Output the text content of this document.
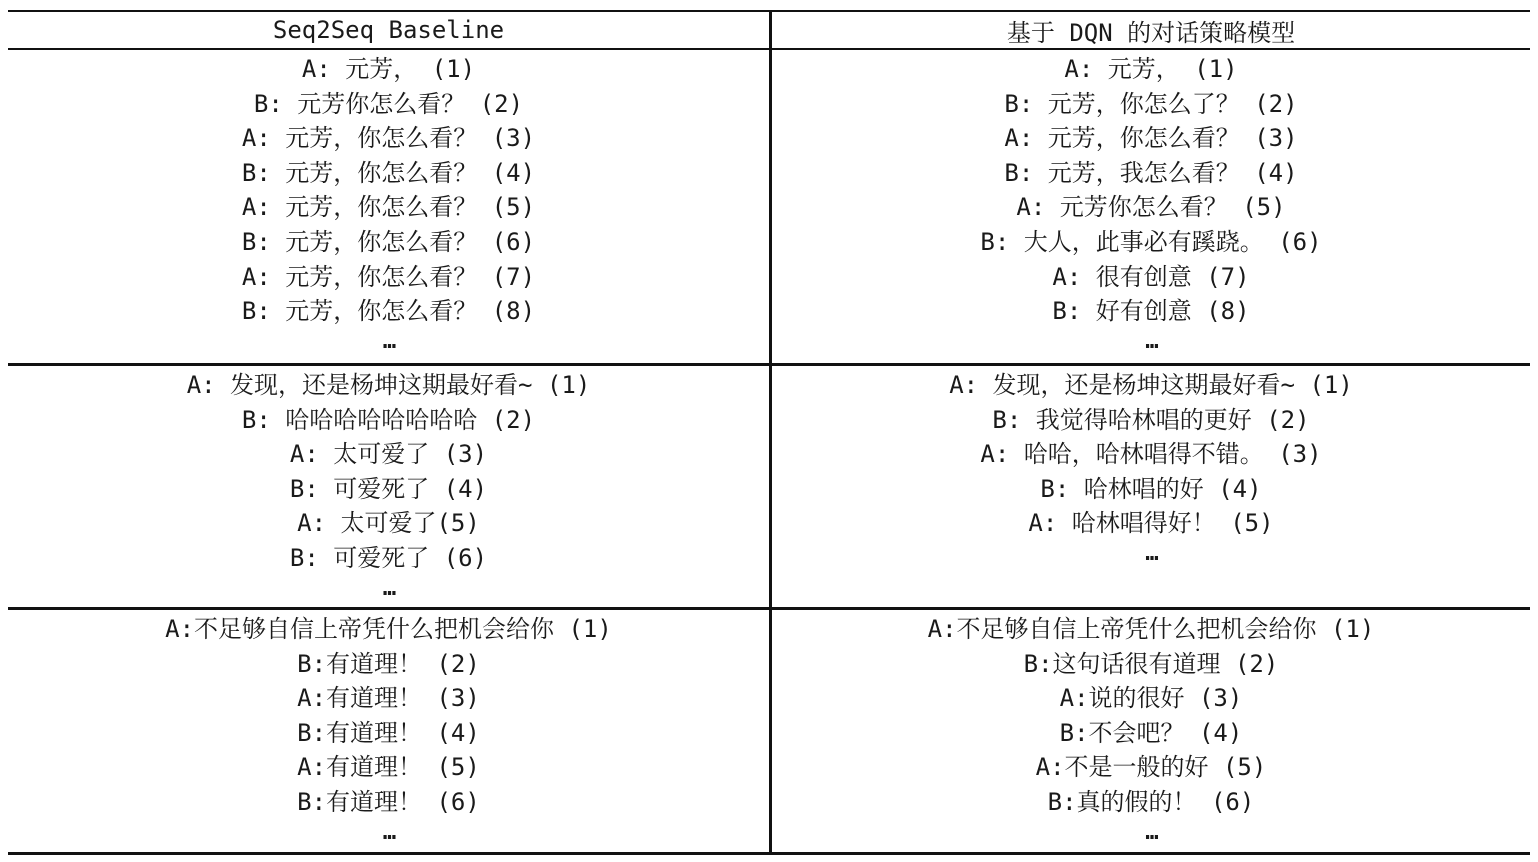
Seq2Seq Baseline	基于 DQN 的对话策略模型
A: 元芳， (1)
B: 元芳你怎么看？ (2)
A: 元芳，你怎么看？ (3)
B: 元芳，你怎么看？ (4)
A: 元芳，你怎么看？ (5)
B: 元芳，你怎么看？ (6)
A: 元芳，你怎么看？ (7)
B: 元芳，你怎么看？ (8)
…
A: 元芳， (1)
B: 元芳，你怎么了？ (2)
A: 元芳，你怎么看？ (3)
B: 元芳，我怎么看？ (4)
A: 元芳你怎么看？ (5)
B: 大人，此事必有蹊跷。 (6)
A: 很有创意 (7)
B: 好有创意 (8)
…
A: 发现，还是杨坤这期最好看~ (1)
B: 哈哈哈哈哈哈哈哈 (2)
A: 太可爱了 (3)
B: 可爱死了 (4)
A: 太可爱了(5)
B: 可爱死了 (6)
…
A: 发现，还是杨坤这期最好看~ (1)
B: 我觉得哈林唱的更好 (2)
A: 哈哈，哈林唱得不错。 (3)
B: 哈林唱的好 (4)
A: 哈林唱得好！ (5)
…
A:不足够自信上帝凭什么把机会给你 (1)
B:有道理！ (2)
A:有道理！ (3)
B:有道理！ (4)
A:有道理！ (5)
B:有道理！ (6)
…
A:不足够自信上帝凭什么把机会给你 (1)
B:这句话很有道理 (2)
A:说的很好 (3)
B:不会吧？ (4)
A:不是一般的好 (5)
B:真的假的！ (6)
…
